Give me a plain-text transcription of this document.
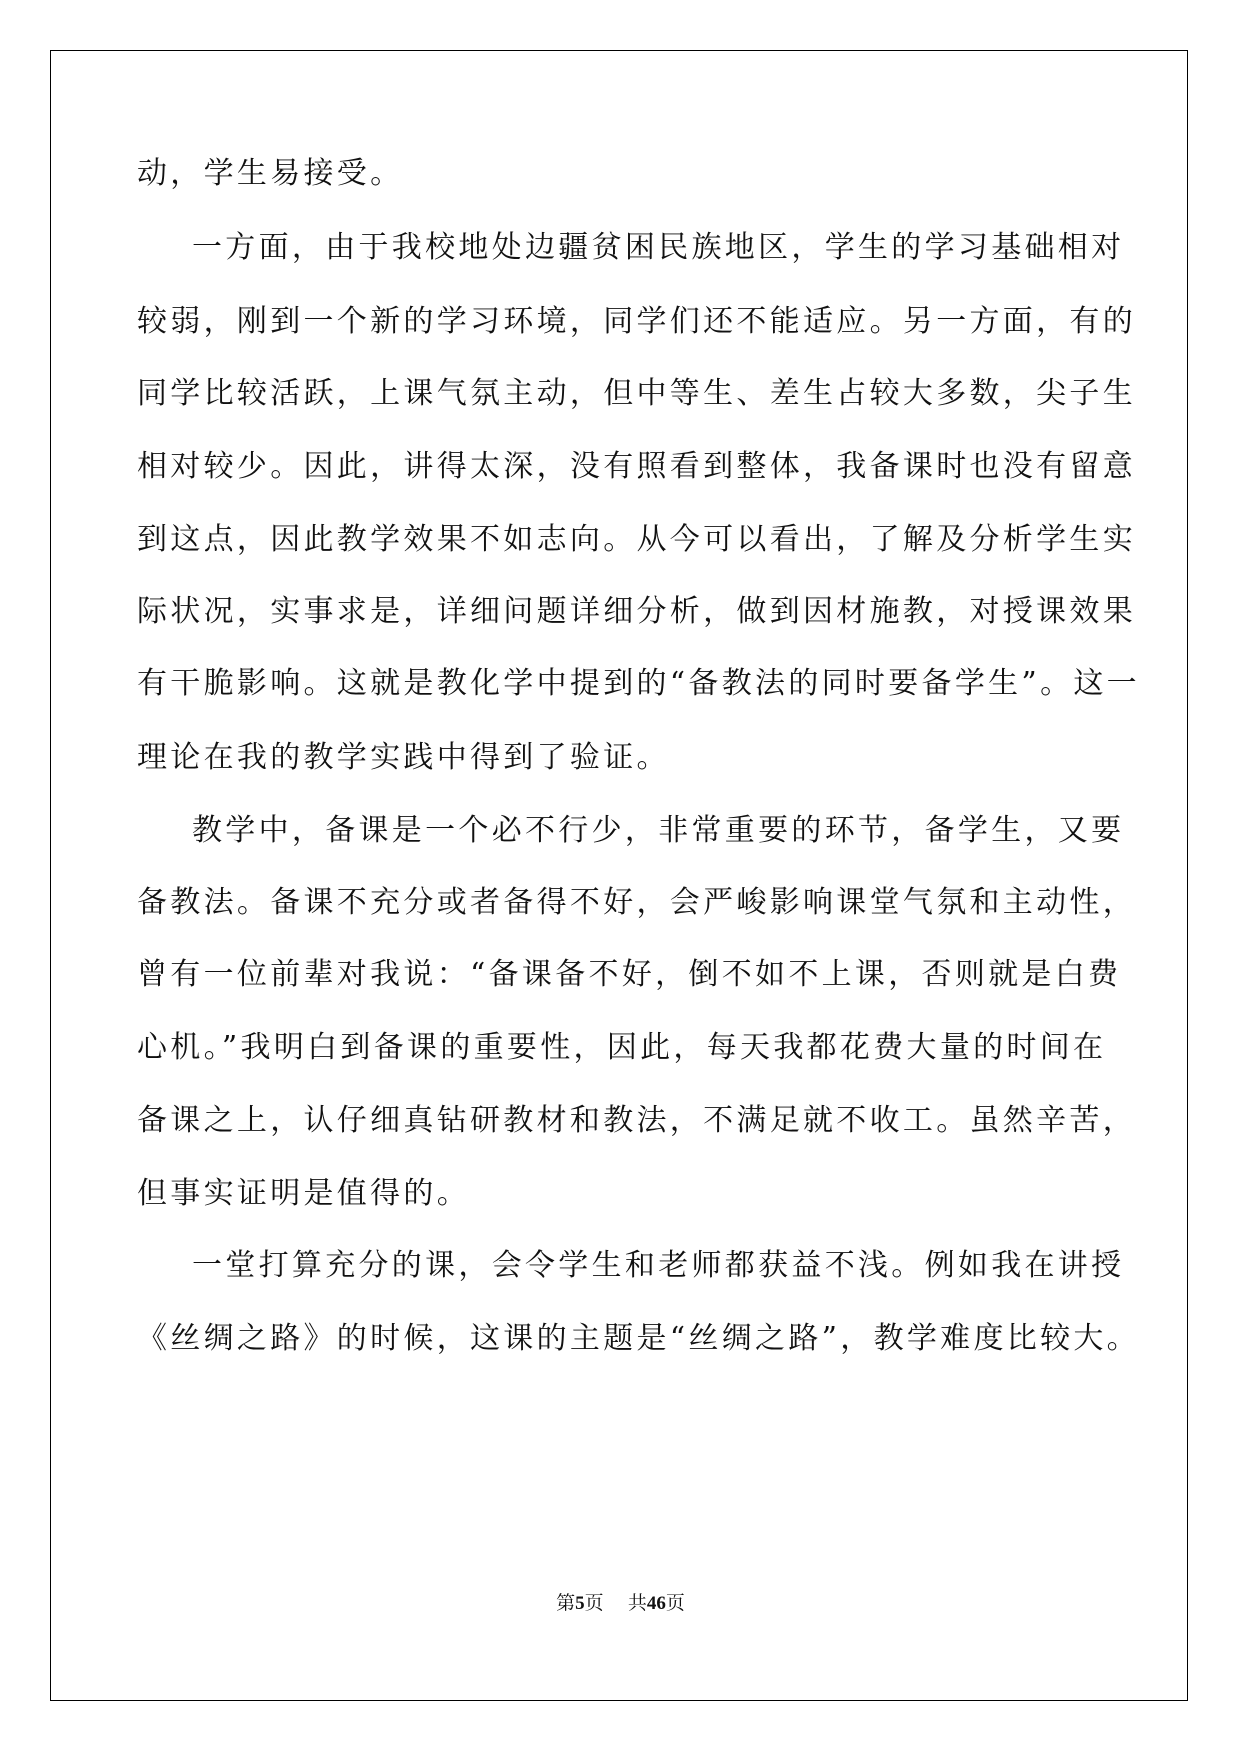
动，学生易接受。
一方面，由于我校地处边疆贫困民族地区，学生的学习基础相对
较弱，刚到一个新的学习环境，同学们还不能适应。另一方面，有的
同学比较活跃，上课气氛主动，但中等生、差生占较大多数，尖子生
相对较少。因此，讲得太深，没有照看到整体，我备课时也没有留意
到这点，因此教学效果不如志向。从今可以看出，了解及分析学生实
际状况，实事求是，详细问题详细分析，做到因材施教，对授课效果
有干脆影响。这就是教化学中提到的“备教法的同时要备学生”。这一
理论在我的教学实践中得到了验证。
教学中，备课是一个必不行少，非常重要的环节，备学生，又要
备教法。备课不充分或者备得不好，会严峻影响课堂气氛和主动性，
曾有一位前辈对我说：“备课备不好，倒不如不上课，否则就是白费
心机。”我明白到备课的重要性，因此，每天我都花费大量的时间在
备课之上，认仔细真钻研教材和教法，不满足就不收工。虽然辛苦，
但事实证明是值得的。
一堂打算充分的课，会令学生和老师都获益不浅。例如我在讲授
《丝绸之路》的时候，这课的主题是“丝绸之路”，教学难度比较大。
第5页 共46页
